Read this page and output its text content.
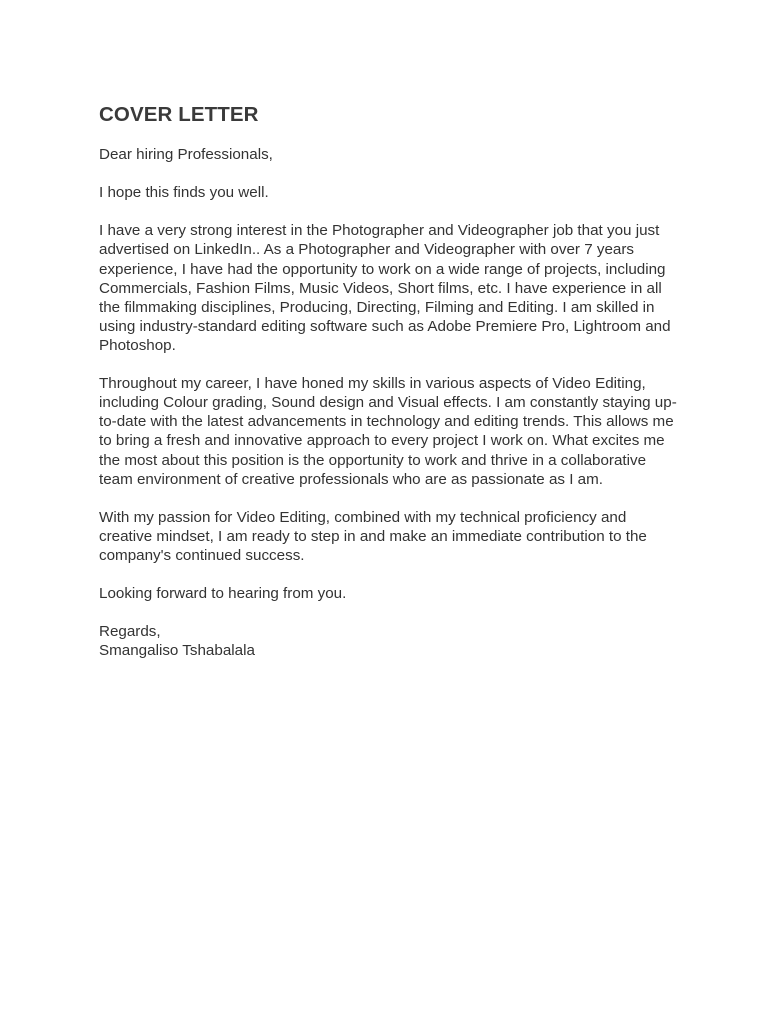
COVER LETTER

Dear hiring Professionals,

I hope this finds you well.

I have a very strong interest in the Photographer and Videographer job that you just advertised on LinkedIn.. As a Photographer and Videographer with over 7 years experience, I have had the opportunity to work on a wide range of projects, including Commercials, Fashion Films, Music Videos, Short films, etc. I have experience in all the filmmaking disciplines, Producing, Directing, Filming and Editing. I am skilled in using industry-standard editing software such as Adobe Premiere Pro, Lightroom and Photoshop.

Throughout my career, I have honed my skills in various aspects of Video Editing, including Colour grading, Sound design and Visual effects. I am constantly staying up-to-date with the latest advancements in technology and editing trends. This allows me to bring a fresh and innovative approach to every project I work on. What excites me the most about this position is the opportunity to work and thrive in a collaborative team environment of creative professionals who are as passionate as I am.

With my passion for Video Editing, combined with my technical proficiency and creative mindset, I am ready to step in and make an immediate contribution to the company's continued success.

Looking forward to hearing from you.

Regards,

Smangaliso Tshabalala
